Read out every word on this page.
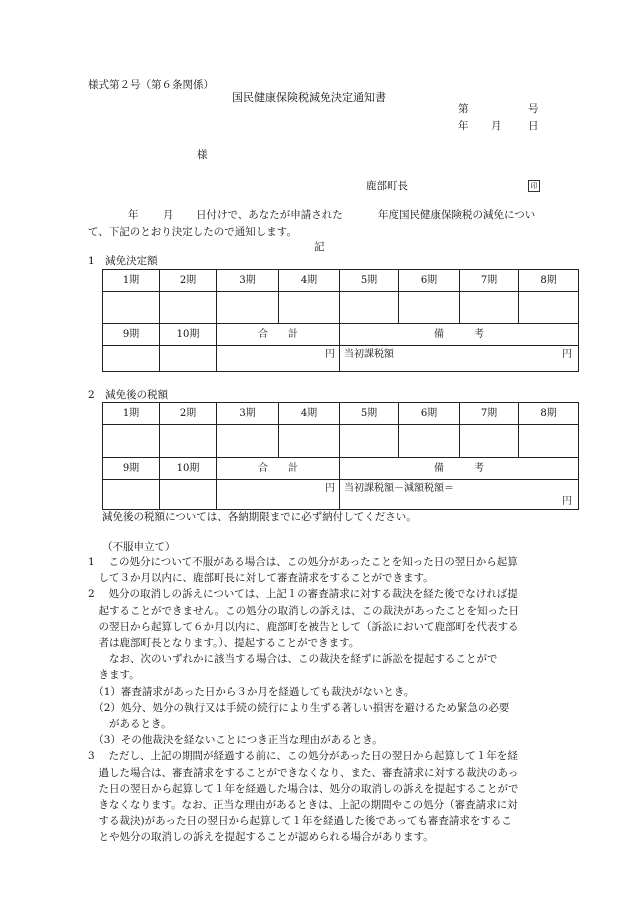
様式第２号（第６条関係）
国民健康保険税減免決定通知書
第	号
年 月	日
様
鹿部町長	印
年 月 日付けで、あなたが申請された	年度国民健康保険税の減免につい
て、下記のとおり決定したので通知します。
記
1　減免決定額
1期	2期	3期	4期	5期	6期	7期	8期

9期	10期	合　　計		備　　　考			
		円		当初課税額 円			
2　減免後の税額
1期	2期	3期	4期	5期	6期	7期	8期

9期	10期	合　　計		備　　　考			
		円		当初課税額－減額税額＝
円			
減免後の税額については、各納期限までに必ず納付してください。
（不服申立て）
1　 この処分について不服がある場合は、この処分があったことを知った日の翌日から起算
　して３か月以内に、鹿部町長に対して審査請求をすることができます。
2　 処分の取消しの訴えについては、上記１の審査請求に対する裁決を経た後でなければ提
　起することができません。この処分の取消しの訴えは、この裁決があったことを知った日
　の翌日から起算して６か月以内に、鹿部町を被告として（訴訟において鹿部町を代表する
　者は鹿部町長となります。）、提起することができます。
　　なお、次のいずれかに該当する場合は、この裁決を経ずに訴訟を提起することがで
　きます。
　（1）審査請求があった日から３か月を経過しても裁決がないとき。
　（2）処分、処分の執行又は手続の続行により生ずる著しい損害を避けるため緊急の必要
　　があるとき。
　（3）その他裁決を経ないことにつき正当な理由があるとき。
3　 ただし、上記の期間が経過する前に、この処分があった日の翌日から起算して１年を経
　過した場合は、審査請求をすることができなくなり、また、審査請求に対する裁決のあっ
　た日の翌日から起算して１年を経過した場合は、処分の取消しの訴えを提起することがで
　きなくなります。なお、正当な理由があるときは、上記の期間やこの処分（審査請求に対
　する裁決)があった日の翌日から起算して１年を経過した後であっても審査請求をするこ
　とや処分の取消しの訴えを提起することが認められる場合があります。
